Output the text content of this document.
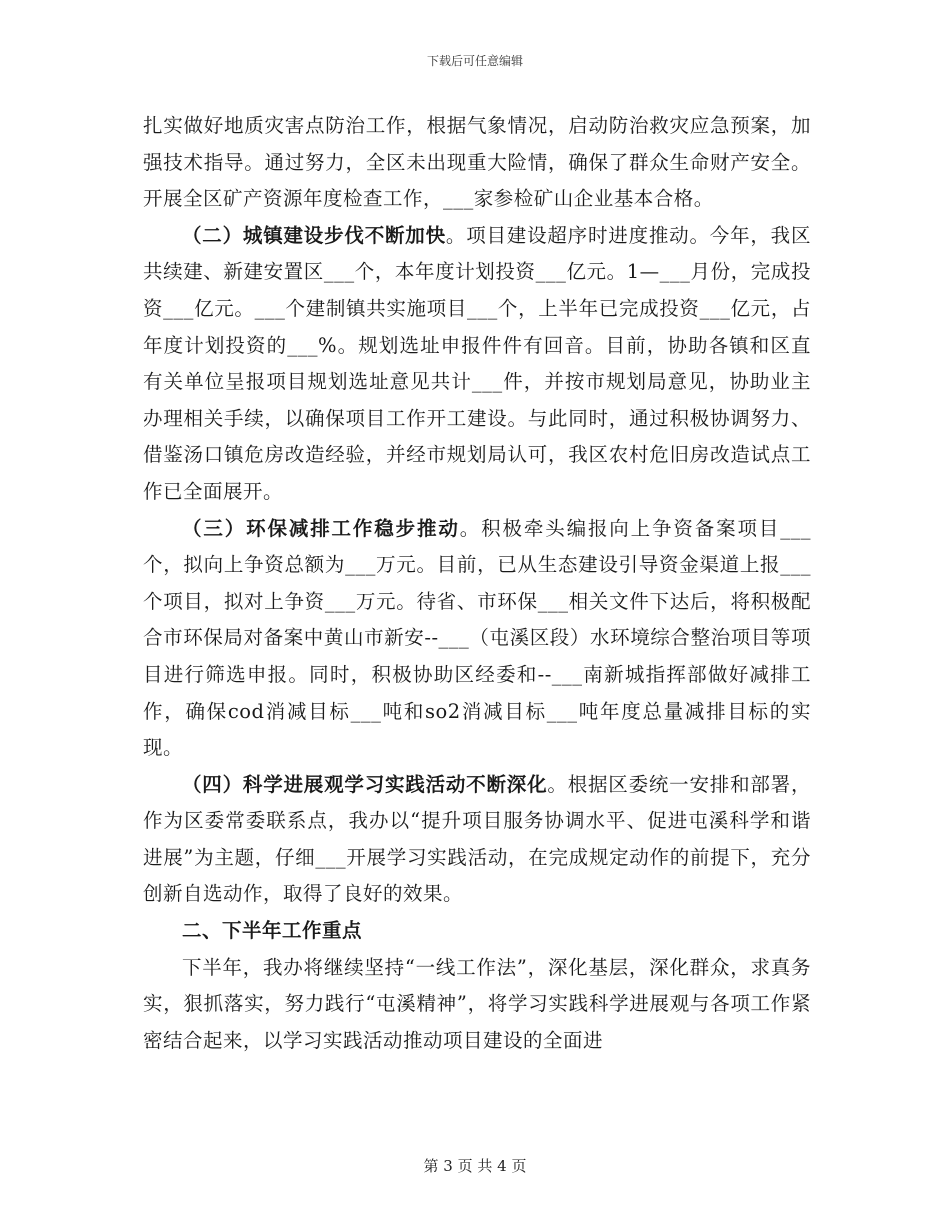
下载后可任意编辑

扎实做好地质灾害点防治工作，根据气象情况，启动防治救灾应急预案，加强技术指导。通过努力，全区未出现重大险情，确保了群众生命财产安全。开展全区矿产资源年度检查工作，___家参检矿山企业基本合格。

（二）城镇建设步伐不断加快。项目建设超序时进度推动。今年，我区共续建、新建安置区___个，本年度计划投资___亿元。1—___月份，完成投资___亿元。___个建制镇共实施项目___个，上半年已完成投资___亿元，占年度计划投资的___%。规划选址申报件件有回音。目前，协助各镇和区直有关单位呈报项目规划选址意见共计___件，并按市规划局意见，协助业主办理相关手续，以确保项目工作开工建设。与此同时，通过积极协调努力、借鉴汤口镇危房改造经验，并经市规划局认可，我区农村危旧房改造试点工作已全面展开。

（三）环保减排工作稳步推动。积极牵头编报向上争资备案项目___个，拟向上争资总额为___万元。目前，已从生态建设引导资金渠道上报___个项目，拟对上争资___万元。待省、市环保___相关文件下达后，将积极配合市环保局对备案中黄山市新安--___（屯溪区段）水环境综合整治项目等项目进行筛选申报。同时，积极协助区经委和--___南新城指挥部做好减排工作，确保cod消减目标___吨和so2消减目标___吨年度总量减排目标的实现。

（四）科学进展观学习实践活动不断深化。根据区委统一安排和部署，作为区委常委联系点，我办以“提升项目服务协调水平、促进屯溪科学和谐进展”为主题，仔细___开展学习实践活动，在完成规定动作的前提下，充分创新自选动作，取得了良好的效果。

二、下半年工作重点

下半年，我办将继续坚持“一线工作法”，深化基层，深化群众，求真务实，狠抓落实，努力践行“屯溪精神”，将学习实践科学进展观与各项工作紧密结合起来，以学习实践活动推动项目建设的全面进

第 3 页 共 4 页
